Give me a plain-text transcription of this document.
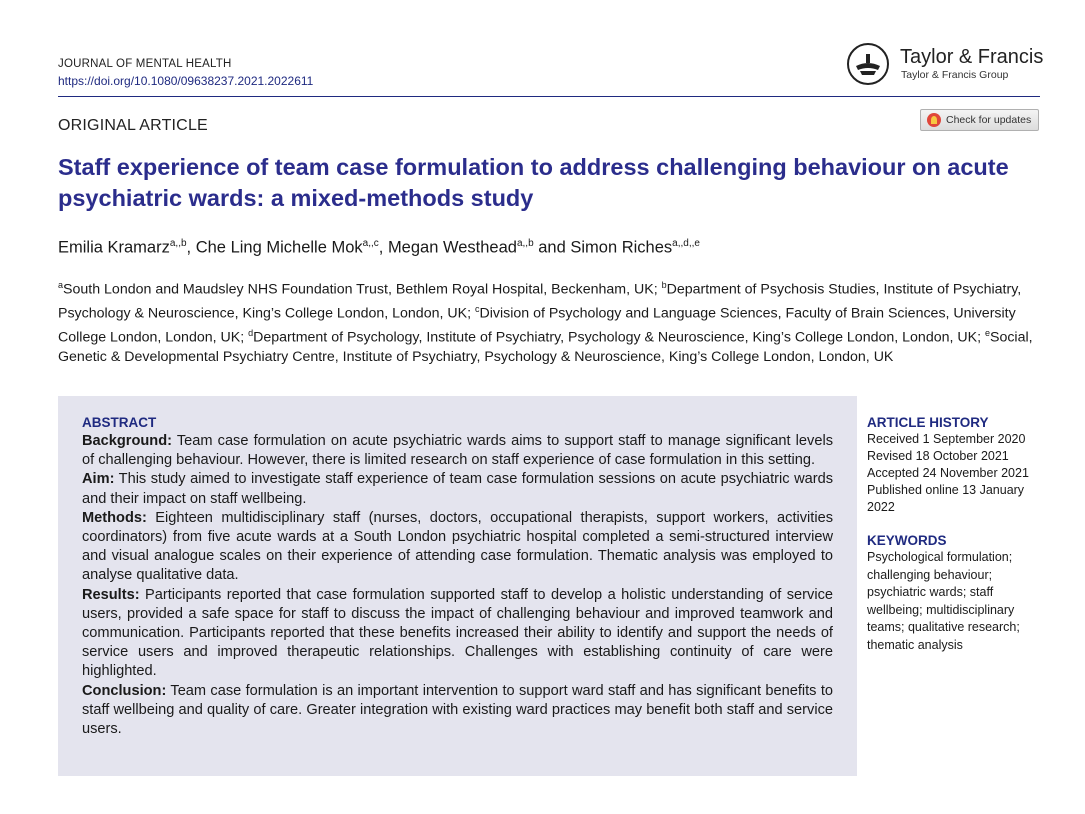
JOURNAL OF MENTAL HEALTH
https://doi.org/10.1080/09638237.2021.2022611
Taylor & Francis
Taylor & Francis Group
ORIGINAL ARTICLE	Check for updates
Staff experience of team case formulation to address challenging behaviour on acute psychiatric wards: a mixed-methods study
Emilia Kramarz$^{a,,b}$, Che Ling Michelle Mok$^{a,,c}$, Megan Westhead$^{a,,b}$ and Simon Riches$^{a,,d,,e}$
$^a$South London and Maudsley NHS Foundation Trust, Bethlem Royal Hospital, Beckenham, UK; $^b$Department of Psychosis Studies, Institute of Psychiatry, Psychology & Neuroscience, King’s College London, London, UK; $^c$Division of Psychology and Language Sciences, Faculty of Brain Sciences, University College London, London, UK; $^d$Department of Psychology, Institute of Psychiatry, Psychology & Neuroscience, King’s College London, London, UK; $^e$Social, Genetic & Developmental Psychiatry Centre, Institute of Psychiatry, Psychology & Neuroscience, King’s College London, London, UK
ABSTRACT

Background: Team case formulation on acute psychiatric wards aims to support staff to manage significant levels of challenging behaviour. However, there is limited research on staff experience of case formulation in this setting.

Aim: This study aimed to investigate staff experience of team case formulation sessions on acute psychiatric wards and their impact on staff wellbeing.

Methods: Eighteen multidisciplinary staff (nurses, doctors, occupational therapists, support workers, activities coordinators) from five acute wards at a South London psychiatric hospital completed a semi-structured interview and visual analogue scales on their experience of attending case formulation. Thematic analysis was employed to analyse qualitative data.

Results: Participants reported that case formulation supported staff to develop a holistic understanding of service users, provided a safe space for staff to discuss the impact of challenging behaviour and improved teamwork and communication. Participants reported that these benefits increased their ability to identify and support the needs of service users and improved therapeutic relationships. Challenges with establishing continuity of care were highlighted.

Conclusion: Team case formulation is an important intervention to support ward staff and has significant benefits to staff wellbeing and quality of care. Greater integration with existing ward practices may benefit both staff and service users.

ARTICLE HISTORY
Received 1 September 2020
Revised 18 October 2021
Accepted 24 November 2021
Published online 13 January
2022
KEYWORDS
Psychological formulation; challenging behaviour; psychiatric wards; staff wellbeing; multidisciplinary teams; qualitative research; thematic analysis
